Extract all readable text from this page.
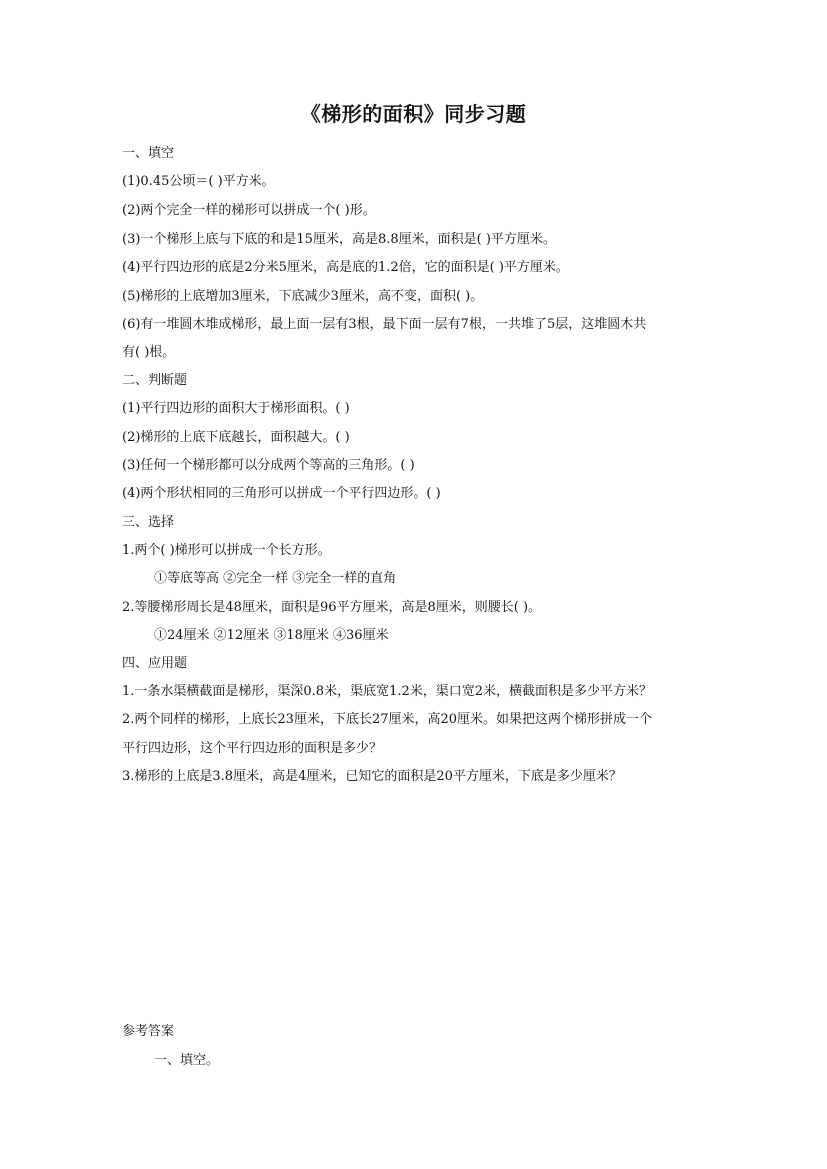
《梯形的面积》同步习题
一、填空
(1)0.45公顷＝( )平方米。
(2)两个完全一样的梯形可以拼成一个( )形。
(3)一个梯形上底与下底的和是15厘米，高是8.8厘米，面积是( )平方厘米。
(4)平行四边形的底是2分米5厘米，高是底的1.2倍，它的面积是( )平方厘米。
(5)梯形的上底增加3厘米，下底减少3厘米，高不变，面积( )。
(6)有一堆圆木堆成梯形，最上面一层有3根，最下面一层有7根，一共堆了5层，这堆圆木共
有( )根。
二、判断题
(1)平行四边形的面积大于梯形面积。( )
(2)梯形的上底下底越长，面积越大。( )
(3)任何一个梯形都可以分成两个等高的三角形。( )
(4)两个形状相同的三角形可以拼成一个平行四边形。( )
三、选择
1.两个( )梯形可以拼成一个长方形。
①等底等高 ②完全一样 ③完全一样的直角
2.等腰梯形周长是48厘米，面积是96平方厘米，高是8厘米，则腰长( )。
①24厘米 ②12厘米 ③18厘米 ④36厘米
四、应用题
1.一条水渠横截面是梯形，渠深0.8米，渠底宽1.2米，渠口宽2米，横截面积是多少平方米？
2.两个同样的梯形，上底长23厘米，下底长27厘米，高20厘米。如果把这两个梯形拼成一个
平行四边形，这个平行四边形的面积是多少？
3.梯形的上底是3.8厘米，高是4厘米，已知它的面积是20平方厘米，下底是多少厘米？
参考答案
一、填空。
